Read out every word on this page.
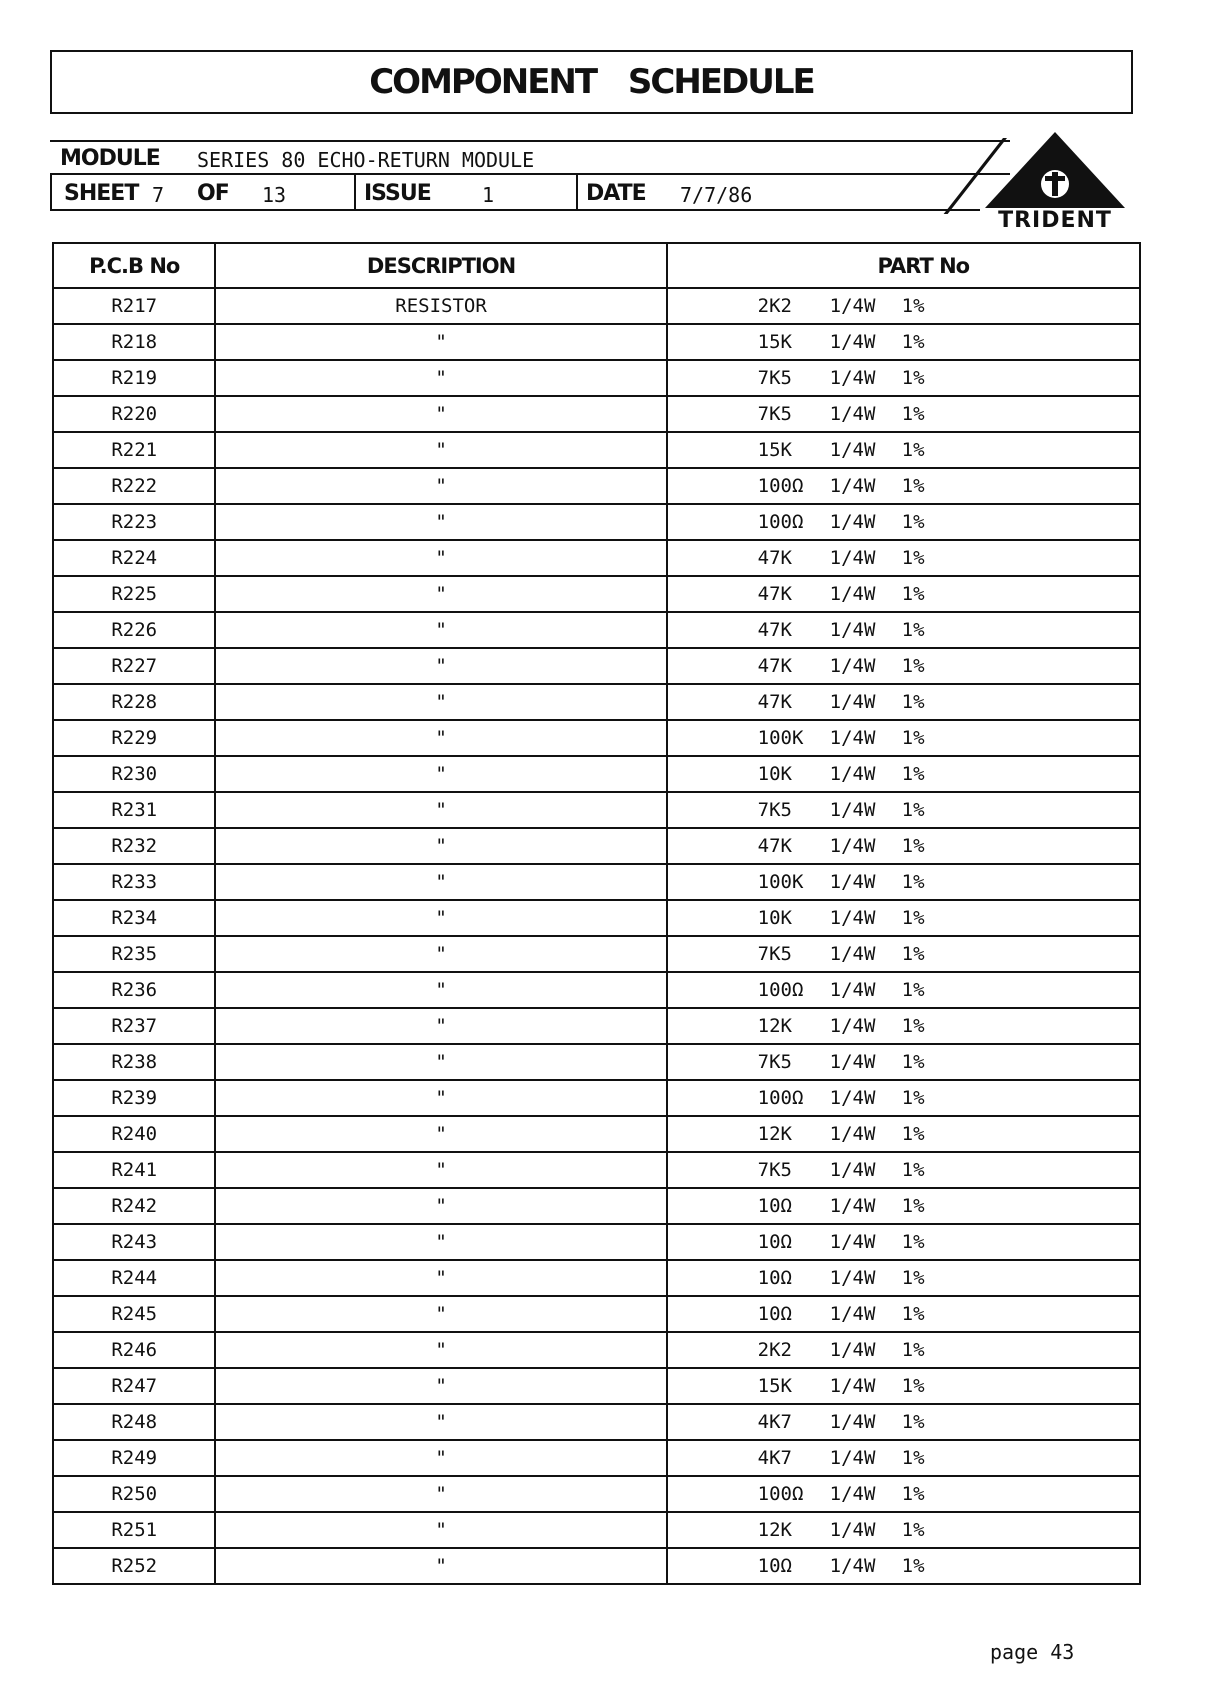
COMPONENT SCHEDULE
MODULE SERIES 80 ECHO-RETURN MODULE
SHEET 7 OF 13	ISSUE	1	DATE 7/7/86
TRIDENT
P.C.B No	DESCRIPTION	PART No
R217	RESISTOR	2K2 1/4W 1%
R218	"	15K 1/4W 1%
R219	"	7K5 1/4W 1%
R220	"	7K5 1/4W 1%
R221	"	15K 1/4W 1%
R222	"	100Ω 1/4W 1%
R223	"	100Ω 1/4W 1%
R224	"	47K 1/4W 1%
R225	"	47K 1/4W 1%
R226	"	47K 1/4W 1%
R227	"	47K 1/4W 1%
R228	"	47K 1/4W 1%
R229	"	100K 1/4W 1%
R230	"	10K 1/4W 1%
R231	"	7K5 1/4W 1%
R232	"	47K 1/4W 1%
R233	"	100K 1/4W 1%
R234	"	10K 1/4W 1%
R235	"	7K5 1/4W 1%
R236	"	100Ω 1/4W 1%
R237	"	12K 1/4W 1%
R238	"	7K5 1/4W 1%
R239	"	100Ω 1/4W 1%
R240	"	12K 1/4W 1%
R241	"	7K5 1/4W 1%
R242	"	10Ω 1/4W 1%
R243	"	10Ω 1/4W 1%
R244	"	10Ω 1/4W 1%
R245	"	10Ω 1/4W 1%
R246	"	2K2 1/4W 1%
R247	"	15K 1/4W 1%
R248	"	4K7 1/4W 1%
R249	"	4K7 1/4W 1%
R250	"	100Ω 1/4W 1%
R251	"	12K 1/4W 1%
R252	"	10Ω 1/4W 1%
page 43
